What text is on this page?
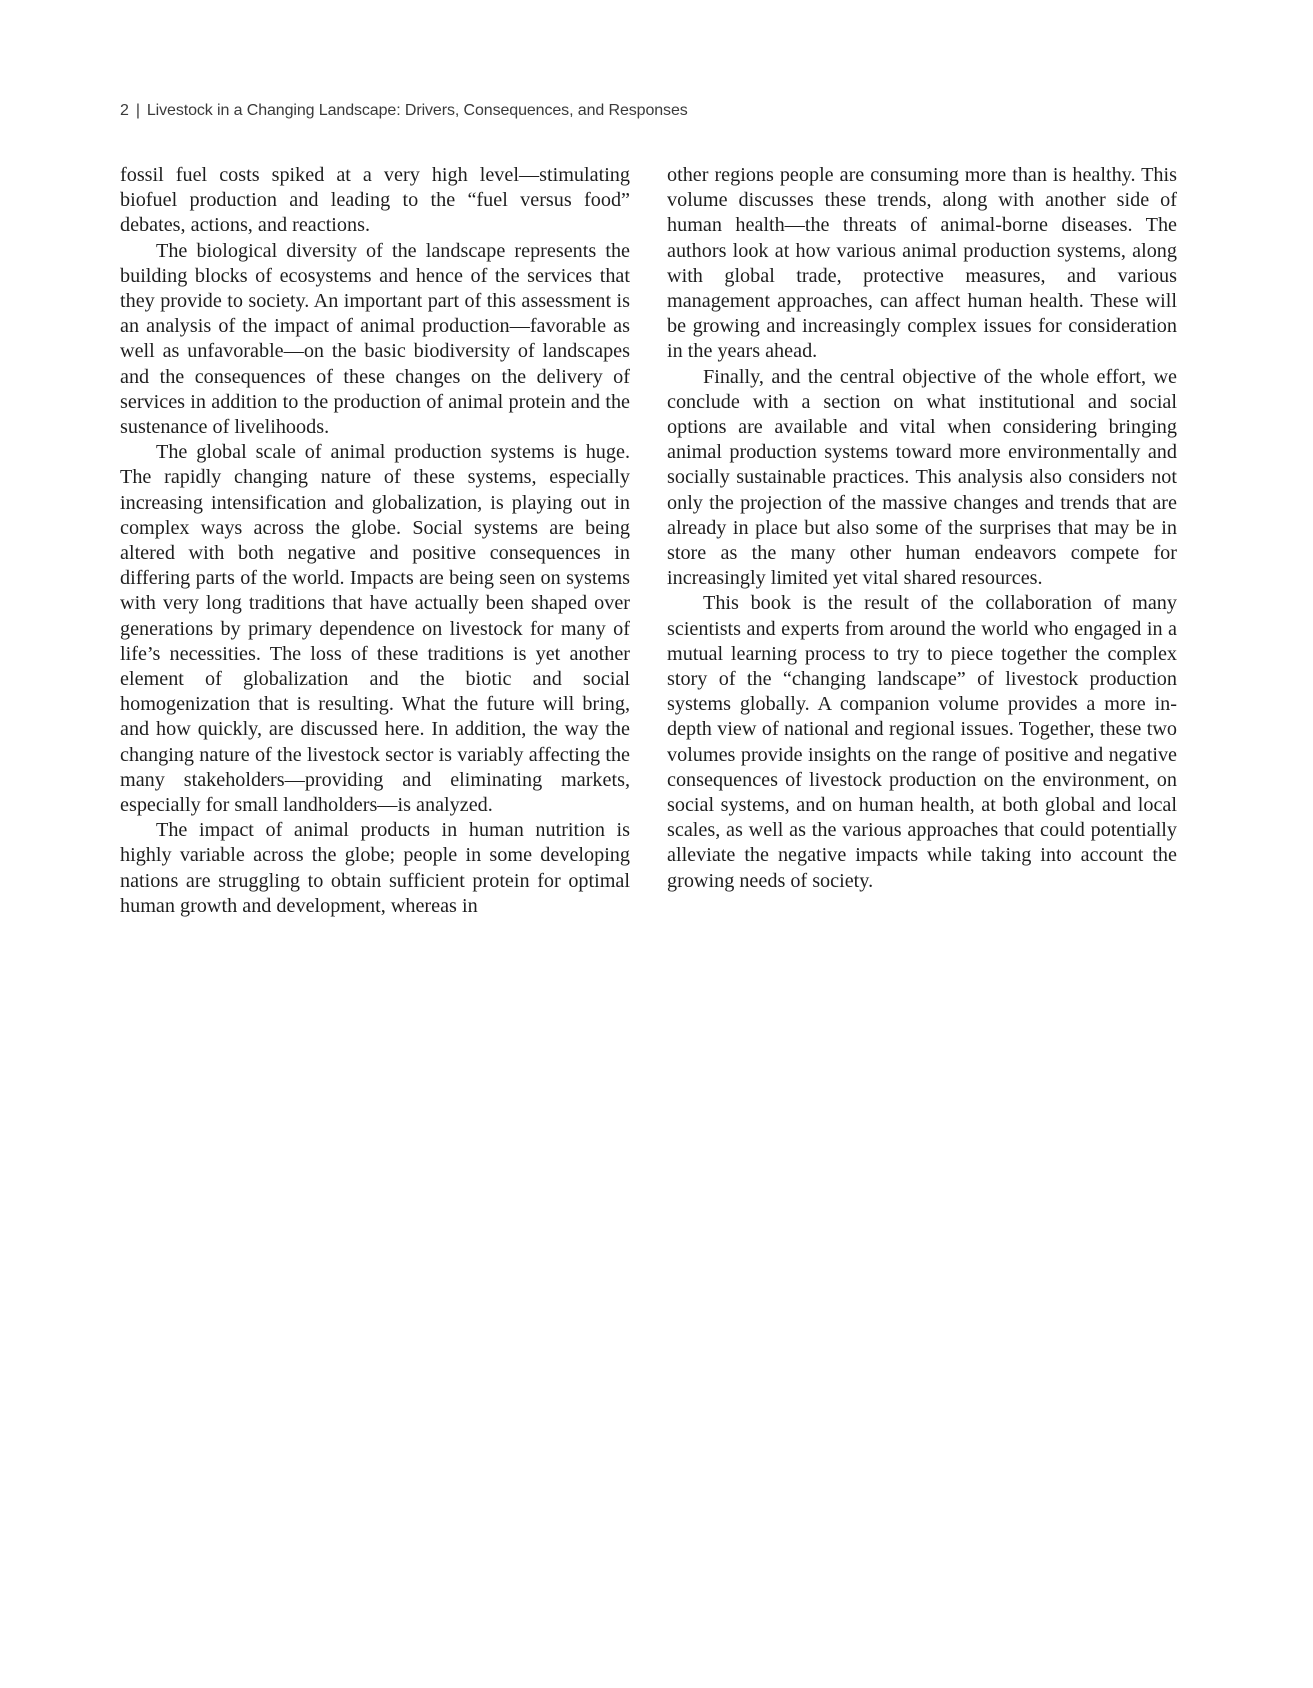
2 | Livestock in a Changing Landscape: Drivers, Consequences, and Responses

fossil fuel costs spiked at a very high level—stimulating biofuel production and leading to the “fuel versus food” debates, actions, and reactions.

The biological diversity of the landscape represents the building blocks of ecosystems and hence of the services that they provide to society. An important part of this assessment is an analysis of the impact of animal production—favorable as well as unfavorable—on the basic biodiversity of landscapes and the consequences of these changes on the delivery of services in addition to the production of animal protein and the sustenance of livelihoods.

The global scale of animal production systems is huge. The rapidly changing nature of these systems, especially increasing intensification and globalization, is playing out in complex ways across the globe. Social systems are being altered with both negative and positive consequences in differing parts of the world. Impacts are being seen on systems with very long traditions that have actually been shaped over generations by primary dependence on livestock for many of life’s necessities. The loss of these traditions is yet another element of globalization and the biotic and social homogenization that is resulting. What the future will bring, and how quickly, are discussed here. In addition, the way the changing nature of the livestock sector is variably affecting the many stakeholders—providing and eliminating markets, especially for small landholders—is analyzed.

The impact of animal products in human nutrition is highly variable across the globe; people in some developing nations are struggling to obtain sufficient protein for optimal human growth and development, whereas in

other regions people are consuming more than is healthy. This volume discusses these trends, along with another side of human health—the threats of animal-borne diseases. The authors look at how various animal production systems, along with global trade, protective measures, and various management approaches, can affect human health. These will be growing and increasingly complex issues for consideration in the years ahead.

Finally, and the central objective of the whole effort, we conclude with a section on what institutional and social options are available and vital when considering bringing animal production systems toward more environmentally and socially sustainable practices. This analysis also considers not only the projection of the massive changes and trends that are already in place but also some of the surprises that may be in store as the many other human endeavors compete for increasingly limited yet vital shared resources.

This book is the result of the collaboration of many scientists and experts from around the world who engaged in a mutual learning process to try to piece together the complex story of the “changing landscape” of livestock production systems globally. A companion volume provides a more in-depth view of national and regional issues. Together, these two volumes provide insights on the range of positive and negative consequences of livestock production on the environment, on social systems, and on human health, at both global and local scales, as well as the various approaches that could potentially alleviate the negative impacts while taking into account the growing needs of society.
